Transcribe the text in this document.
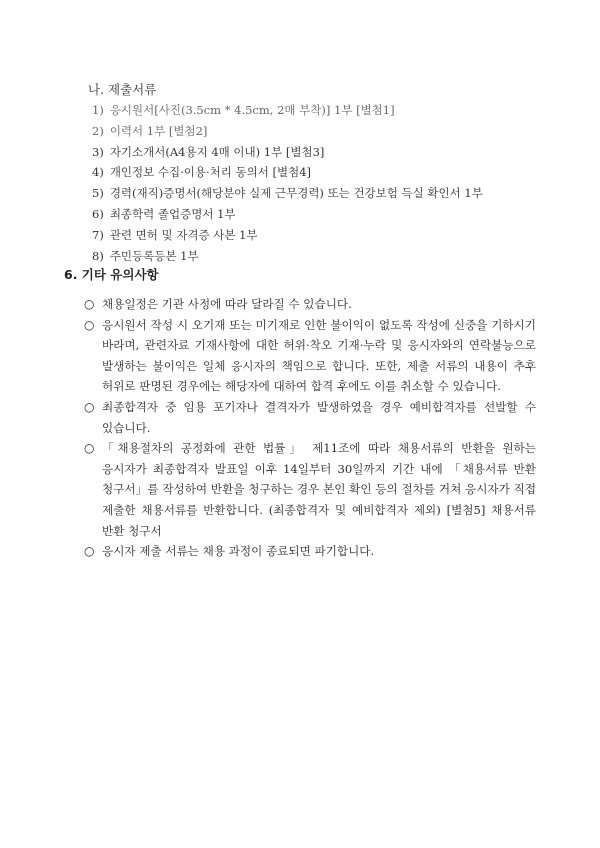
나. 제출서류
1) 응시원서[사진(3.5cm * 4.5cm, 2매 부착)] 1부 [별첨1]
2) 이력서 1부 [별첨2]
3) 자기소개서(A4용지 4매 이내) 1부 [별첨3]
4) 개인정보 수집·이용·처리 동의서 [별첨4]
5) 경력(재직)증명서(해당분야 실제 근무경력) 또는 건강보험 득실 확인서 1부
6) 최종학력 졸업증명서 1부
7) 관련 면허 및 자격증 사본 1부
8) 주민등록등본 1부
6. 기타 유의사항
○ 채용일정은 기관 사정에 따라 달라질 수 있습니다.
○ 응시원서 작성 시 오기재 또는 미기재로 인한 불이익이 없도록 작성에 신중을 기하시기 바라며, 관련자료 기재사항에 대한 허위·착오 기재·누락 및 응시자와의 연락불능으로 발생하는 불이익은 일체 응시자의 책임으로 합니다. 또한, 제출 서류의 내용이 추후 허위로 판명된 경우에는 해당자에 대하여 합격 후에도 이를 취소할 수 있습니다.
○ 최종합격자 중 임용 포기자나 결격자가 발생하였을 경우 예비합격자를 선발할 수 있습니다.
○ 「채용절차의 공정화에 관한 법률」 제11조에 따라 채용서류의 반환을 원하는 응시자가 최종합격자 발표일 이후 14일부터 30일까지 기간 내에 「채용서류 반환 청구서」를 작성하여 반환을 청구하는 경우 본인 확인 등의 절차를 거쳐 응시자가 직접 제출한 채용서류를 반환합니다. (최종합격자 및 예비합격자 제외) [별첨5] 채용서류 반환 청구서
○ 응시자 제출 서류는 채용 과정이 종료되면 파기합니다.
